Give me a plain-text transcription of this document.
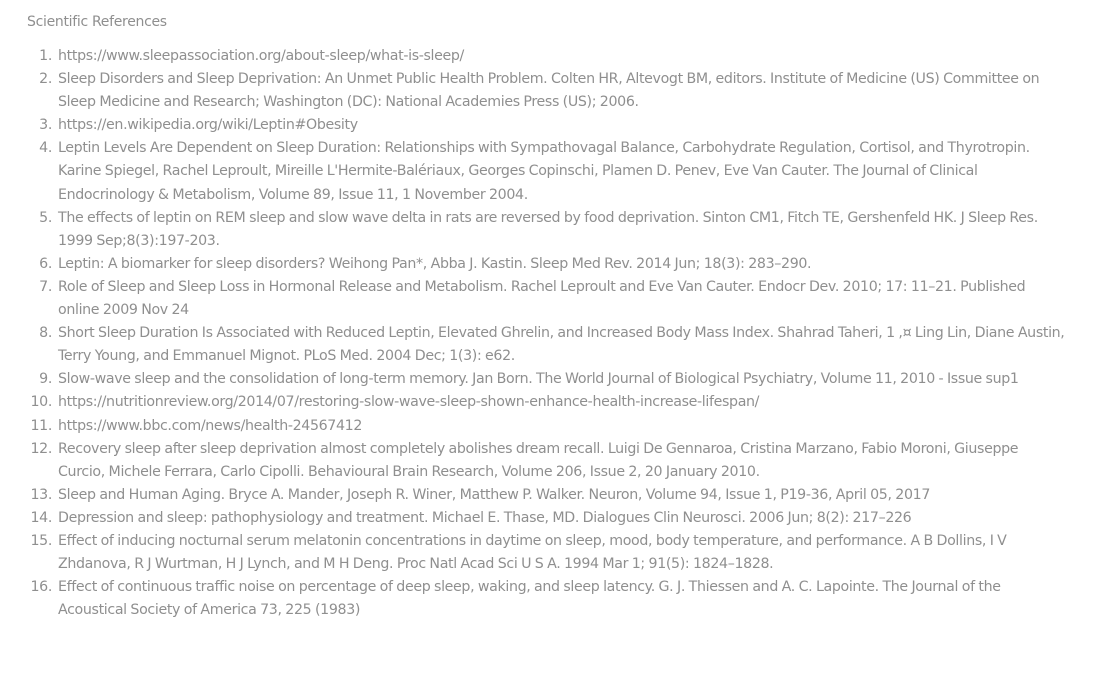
Scientific References
1. https://www.sleepassociation.org/about-sleep/what-is-sleep/
2. Sleep Disorders and Sleep Deprivation: An Unmet Public Health Problem. Colten HR, Altevogt BM, editors. Institute of Medicine (US) Committee on Sleep Medicine and Research; Washington (DC): National Academies Press (US); 2006.
3. https://en.wikipedia.org/wiki/Leptin#Obesity
4. Leptin Levels Are Dependent on Sleep Duration: Relationships with Sympathovagal Balance, Carbohydrate Regulation, Cortisol, and Thyrotropin. Karine Spiegel, Rachel Leproult, Mireille L'Hermite-Balériaux, Georges Copinschi, Plamen D. Penev, Eve Van Cauter. The Journal of Clinical Endocrinology & Metabolism, Volume 89, Issue 11, 1 November 2004.
5. The effects of leptin on REM sleep and slow wave delta in rats are reversed by food deprivation. Sinton CM1, Fitch TE, Gershenfeld HK. J Sleep Res. 1999 Sep;8(3):197-203.
6. Leptin: A biomarker for sleep disorders? Weihong Pan*, Abba J. Kastin. Sleep Med Rev. 2014 Jun; 18(3): 283–290.
7. Role of Sleep and Sleep Loss in Hormonal Release and Metabolism. Rachel Leproult and Eve Van Cauter. Endocr Dev. 2010; 17: 11–21. Published online 2009 Nov 24
8. Short Sleep Duration Is Associated with Reduced Leptin, Elevated Ghrelin, and Increased Body Mass Index. Shahrad Taheri, 1 ,¤ Ling Lin, Diane Austin, Terry Young, and Emmanuel Mignot. PLoS Med. 2004 Dec; 1(3): e62.
9. Slow-wave sleep and the consolidation of long-term memory. Jan Born. The World Journal of Biological Psychiatry, Volume 11, 2010 - Issue sup1
10. https://nutritionreview.org/2014/07/restoring-slow-wave-sleep-shown-enhance-health-increase-lifespan/
11. https://www.bbc.com/news/health-24567412
12. Recovery sleep after sleep deprivation almost completely abolishes dream recall. Luigi De Gennaroa, Cristina Marzano, Fabio Moroni, Giuseppe Curcio, Michele Ferrara, Carlo Cipolli. Behavioural Brain Research, Volume 206, Issue 2, 20 January 2010.
13. Sleep and Human Aging. Bryce A. Mander, Joseph R. Winer, Matthew P. Walker. Neuron, Volume 94, Issue 1, P19-36, April 05, 2017
14. Depression and sleep: pathophysiology and treatment. Michael E. Thase, MD. Dialogues Clin Neurosci. 2006 Jun; 8(2): 217–226
15. Effect of inducing nocturnal serum melatonin concentrations in daytime on sleep, mood, body temperature, and performance. A B Dollins, I V Zhdanova, R J Wurtman, H J Lynch, and M H Deng. Proc Natl Acad Sci U S A. 1994 Mar 1; 91(5): 1824–1828.
16. Effect of continuous traffic noise on percentage of deep sleep, waking, and sleep latency. G. J. Thiessen and A. C. Lapointe. The Journal of the Acoustical Society of America 73, 225 (1983)
